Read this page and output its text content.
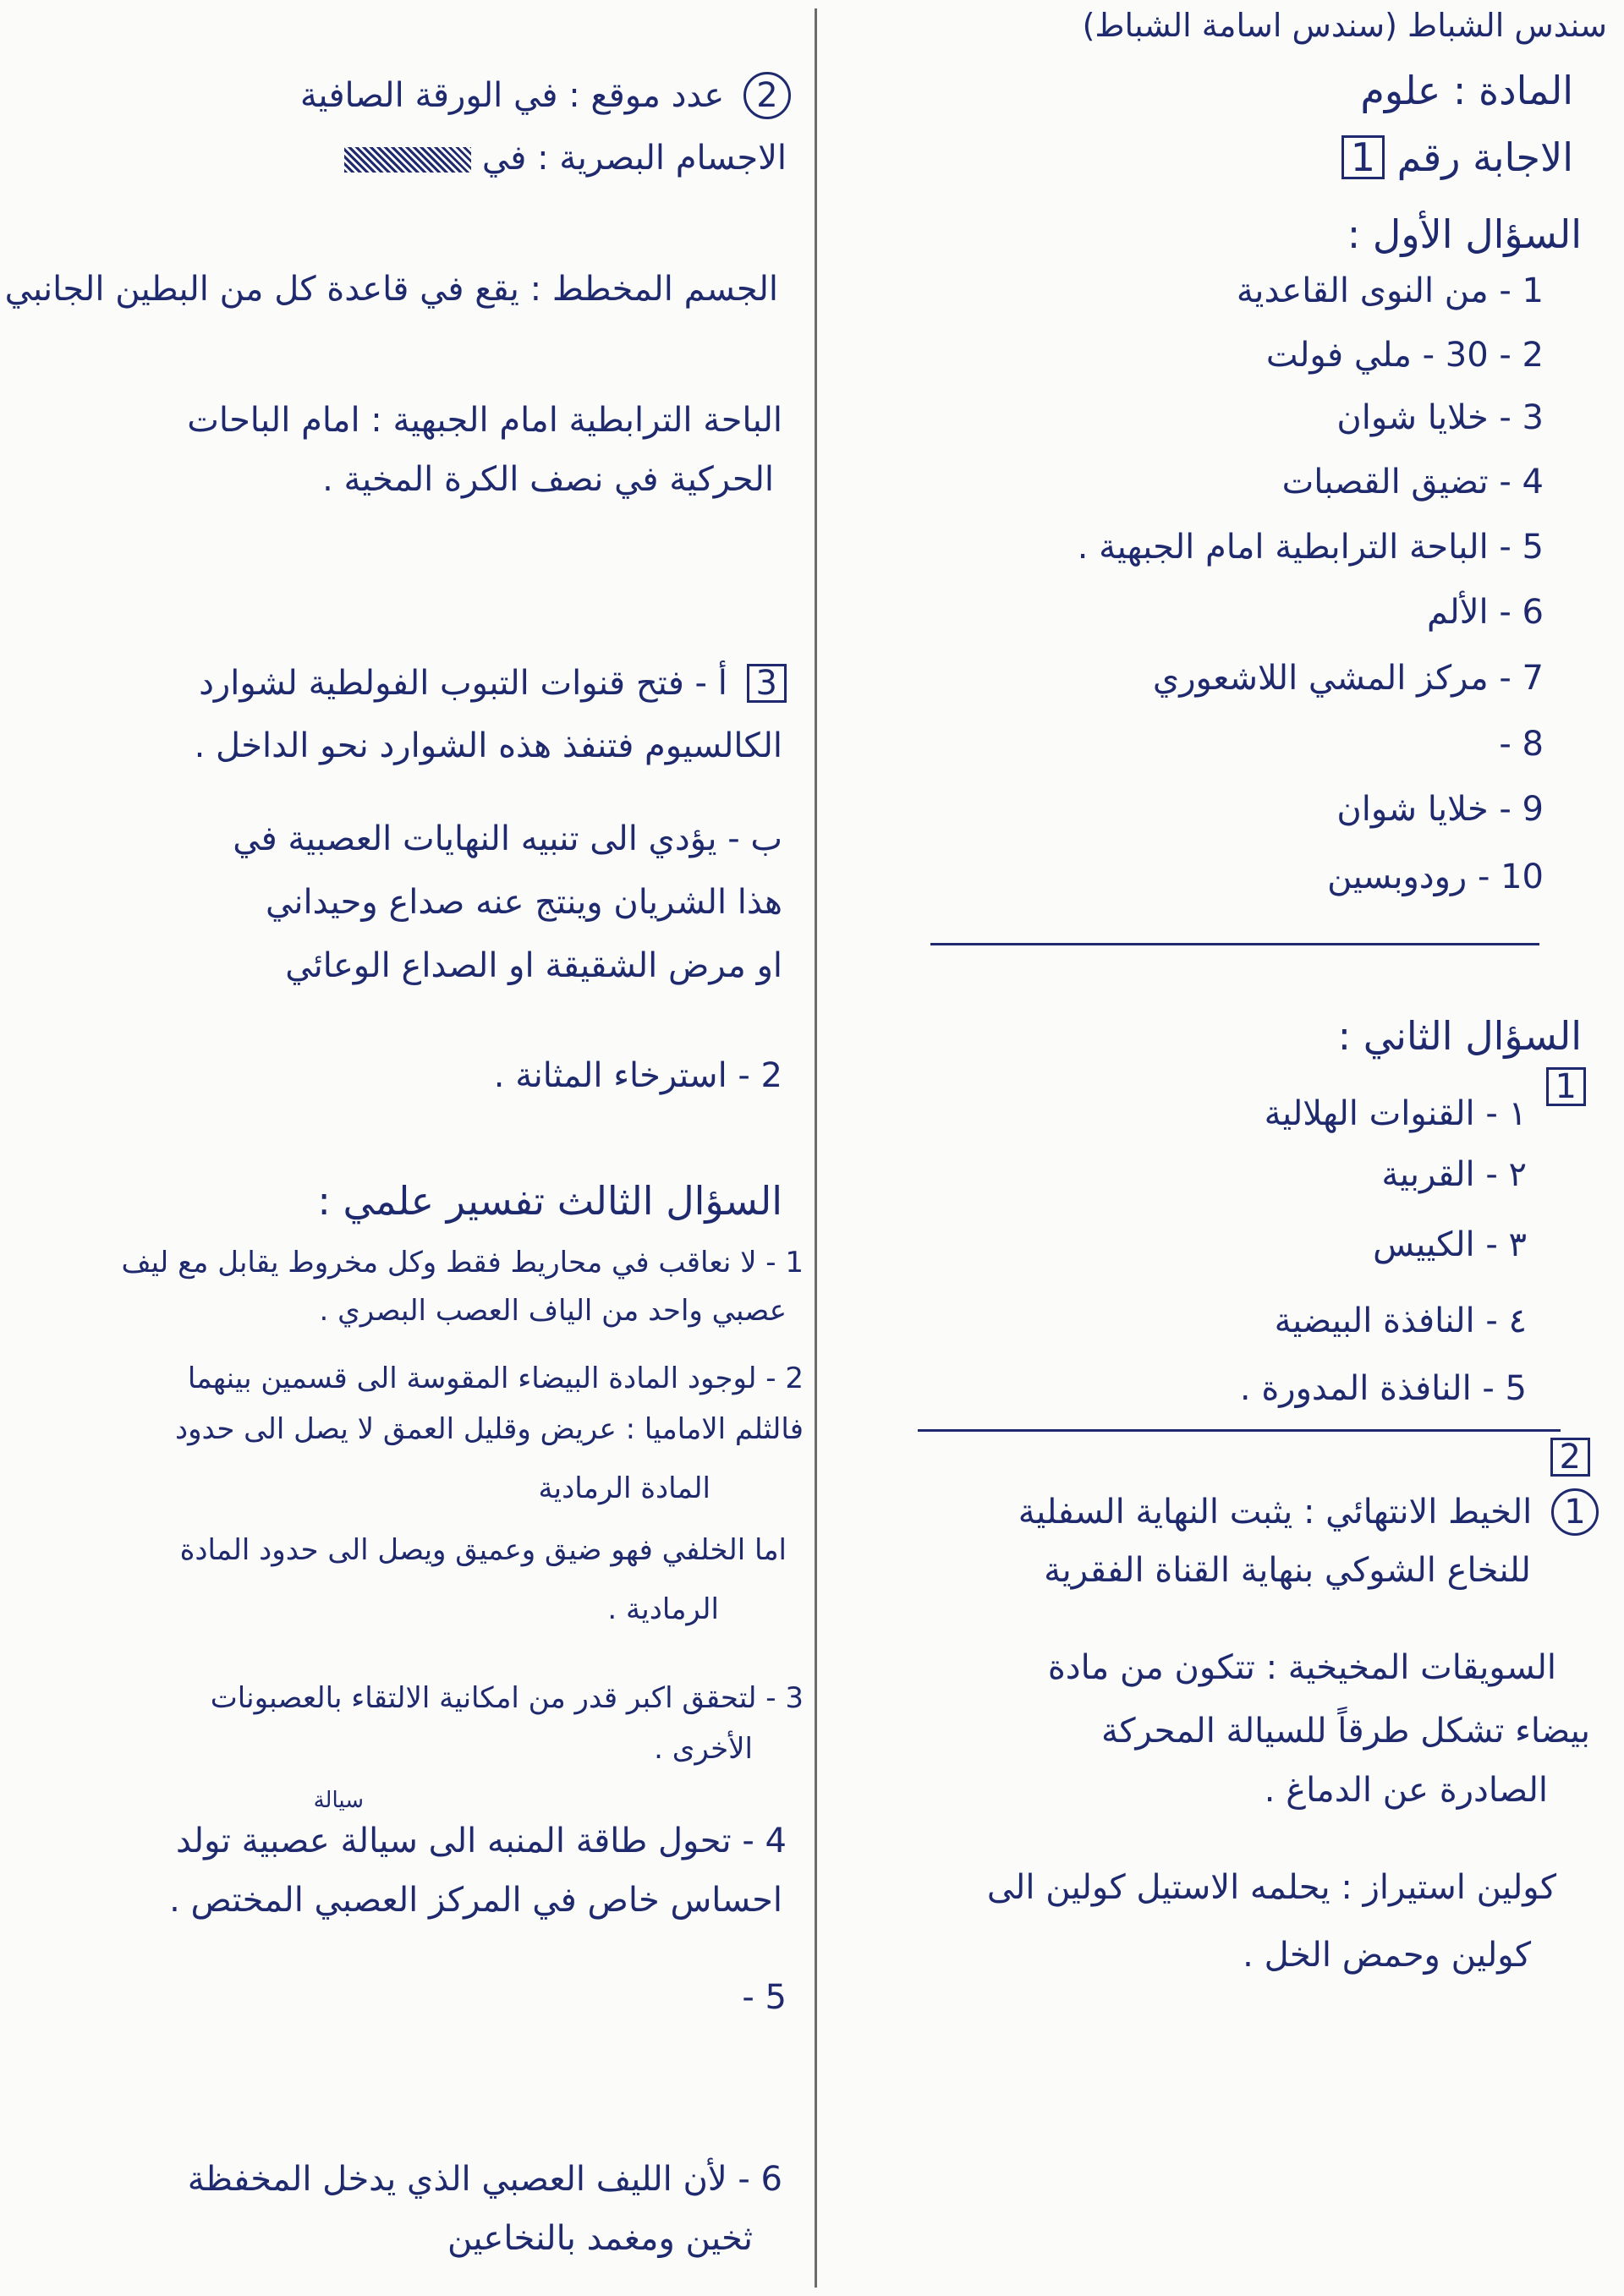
سندس الشباط (سندس اسامة الشباط)
المادة : علوم
الاجابة رقم 1
السؤال الأول :
1 - من النوى القاعدية
2 - 30 - ملي فولت
3 - خلايا شوان
4 - تضيق القصبات
5 - الباحة الترابطية امام الجبهية .
6 - الألم
7 - مركز المشي اللاشعوري
8 -
9 - خلايا شوان
10 - رودوبسين
السؤال الثاني :
1
١ - القنوات الهلالية
٢ - القربية
٣ - الكييس
٤ - النافذة البيضية
5 - النافذة المدورة .
2
1 الخيط الانتهائي : يثبت النهاية السفلية
للنخاع الشوكي بنهاية القناة الفقرية
السويقات المخيخية : تتكون من مادة
بيضاء تشكل طرقاً للسيالة المحركة
الصادرة عن الدماغ .
كولين استيراز : يحلمه الاستيل كولين الى
كولين وحمض الخل .
2 عدد موقع : في الورقة الصافية
الاجسام البصرية : في
الجسم المخطط : يقع في قاعدة كل من البطين الجانبي
الباحة الترابطية امام الجبهية : امام الباحات
الحركية في نصف الكرة المخية .
3 أ - فتح قنوات التبوب الفولطية لشوارد
الكالسيوم فتنفذ هذه الشوارد نحو الداخل .
ب - يؤدي الى تنبيه النهايات العصبية في
هذا الشريان وينتج عنه صداع وحيداني
او مرض الشقيقة او الصداع الوعائي
2 - استرخاء المثانة .
السؤال الثالث تفسير علمي :
1 - لا نعاقب في محاريط فقط وكل مخروط يقابل مع ليف
عصبي واحد من الياف العصب البصري .
2 - لوجود المادة البيضاء المقوسة الى قسمين بينهما
فالثلم الاماميا : عريض وقليل العمق لا يصل الى حدود
المادة الرمادية
اما الخلفي فهو ضيق وعميق ويصل الى حدود المادة
الرمادية .
3 - لتحقق اكبر قدر من امكانية الالتقاء بالعصبونات
الأخرى .
سيالة
4 - تحول طاقة المنبه الى سيالة عصبية تولد
احساس خاص في المركز العصبي المختص .
5 -
6 - لأن الليف العصبي الذي يدخل المخفظة
ثخين ومغمد بالنخاعين
